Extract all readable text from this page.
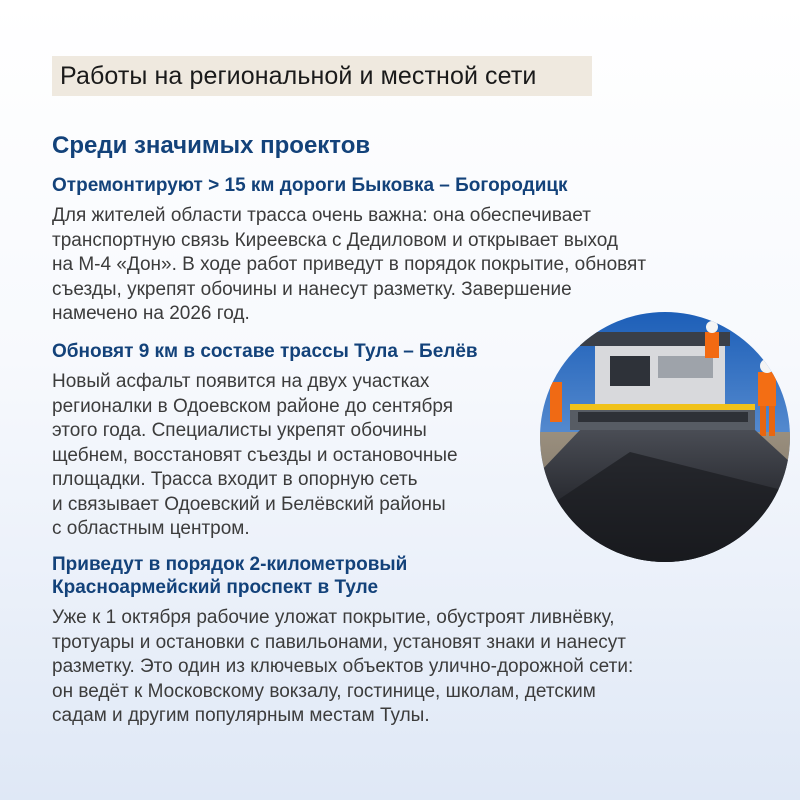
Работы на региональной и местной сети
Среди значимых проектов
Отремонтируют > 15 км дороги Быковка – Богородицк
Для жителей области трасса очень важна: она обеспечивает
транспортную связь Киреевска с Дедиловом и открывает выход
на М-4 «Дон». В ходе работ приведут в порядок покрытие, обновят
съезды, укрепят обочины и нанесут разметку. Завершение
намечено на 2026 год.
Обновят 9 км в составе трассы Тула – Белёв
Новый асфальт появится на двух участках
регионалки в Одоевском районе до сентября
этого года. Специалисты укрепят обочины
щебнем, восстановят съезды и остановочные
площадки. Трасса входит в опорную сеть
и связывает Одоевский и Белёвский районы
с областным центром.
Приведут в порядок 2-километровый
Красноармейский проспект в Туле
Уже к 1 октября рабочие уложат покрытие, обустроят ливнёвку,
тротуары и остановки с павильонами, установят знаки и нанесут
разметку. Это один из ключевых объектов улично-дорожной сети:
он ведёт к Московскому вокзалу, гостинице, школам, детским
садам и другим популярным местам Тулы.
